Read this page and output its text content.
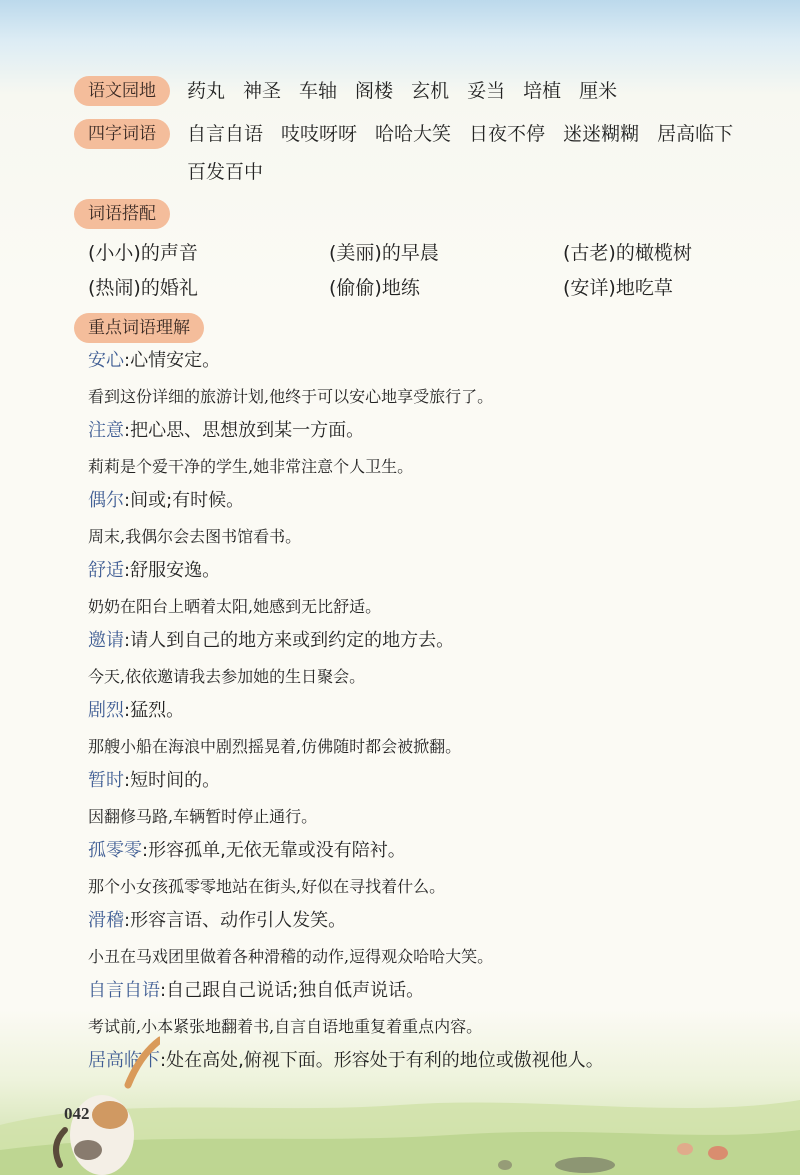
语文园地	药丸 神圣 车轴 阁楼 玄机 妥当 培植 厘米
四字词语	自言自语 吱吱呀呀 哈哈大笑 日夜不停 迷迷糊糊 居高临下
百发百中
词语搭配
(小小)的声音	(美丽)的早晨	(古老)的橄榄树
(热闹)的婚礼	(偷偷)地练	(安详)地吃草
重点词语理解
安心:心情安定。
看到这份详细的旅游计划,他终于可以安心地享受旅行了。
注意:把心思、思想放到某一方面。
莉莉是个爱干净的学生,她非常注意个人卫生。
偶尔:间或;有时候。
周末,我偶尔会去图书馆看书。
舒适:舒服安逸。
奶奶在阳台上晒着太阳,她感到无比舒适。
邀请:请人到自己的地方来或到约定的地方去。
今天,依依邀请我去参加她的生日聚会。
剧烈:猛烈。
那艘小船在海浪中剧烈摇晃着,仿佛随时都会被掀翻。
暂时:短时间的。
因翻修马路,车辆暂时停止通行。
孤零零:形容孤单,无依无靠或没有陪衬。
那个小女孩孤零零地站在街头,好似在寻找着什么。
滑稽:形容言语、动作引人发笑。
小丑在马戏团里做着各种滑稽的动作,逗得观众哈哈大笑。
自言自语:自己跟自己说话;独自低声说话。
考试前,小本紧张地翻着书,自言自语地重复着重点内容。
居高临下:处在高处,俯视下面。形容处于有利的地位或傲视他人。
042
